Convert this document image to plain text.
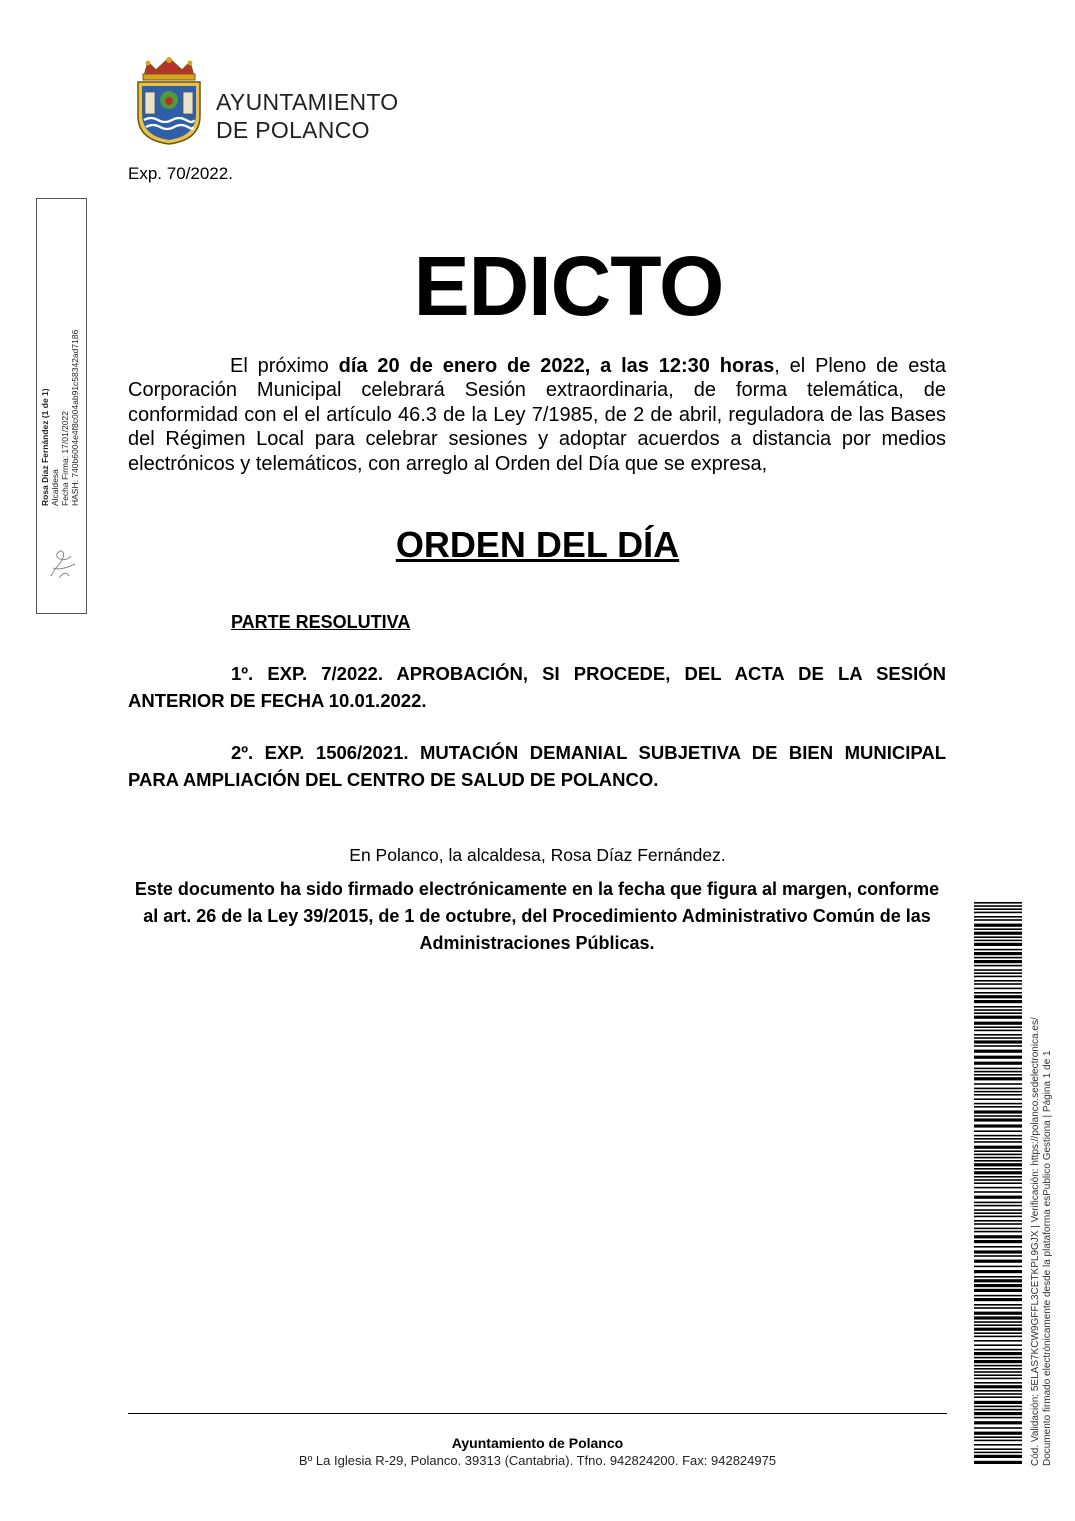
AYUNTAMIENTO
DE POLANCO
Exp. 70/2022.
Rosa Díaz Fernández (1 de 1) Alcaldesa Fecha Firma: 17/01/2022 HASH: 740b6004e4f8c004ab91c58342ad7186
EDICTO
El próximo día 20 de enero de 2022, a las 12:30 horas, el Pleno de esta Corporación Municipal celebrará Sesión extraordinaria, de forma telemática, de conformidad con el el artículo 46.3 de la Ley 7/1985, de 2 de abril, reguladora de las Bases del Régimen Local para celebrar sesiones y adoptar acuerdos a distancia por medios electrónicos y telemáticos, con arreglo al Orden del Día que se expresa,
ORDEN DEL DÍA
PARTE RESOLUTIVA
1º. EXP. 7/2022. APROBACIÓN, SI PROCEDE, DEL ACTA DE LA SESIÓN ANTERIOR DE FECHA 10.01.2022.
2º. EXP. 1506/2021. MUTACIÓN DEMANIAL SUBJETIVA DE BIEN MUNICIPAL PARA AMPLIACIÓN DEL CENTRO DE SALUD DE POLANCO.
En Polanco, la alcaldesa, Rosa Díaz Fernández.
Este documento ha sido firmado electrónicamente en la fecha que figura al margen, conforme al art. 26 de la Ley 39/2015, de 1 de octubre, del Procedimiento Administrativo Común de las Administraciones Públicas.
Ayuntamiento de Polanco
Bº La Iglesia R-29, Polanco. 39313 (Cantabria). Tfno. 942824200. Fax: 942824975	Cód. Validación: 5ELAS7KCW9GFFL3CETKPL9GJX | Verificación: https://polanco.sedelectronica.es/ Documento firmado electrónicamente desde la plataforma esPublico Gestiona | Página 1 de 1
